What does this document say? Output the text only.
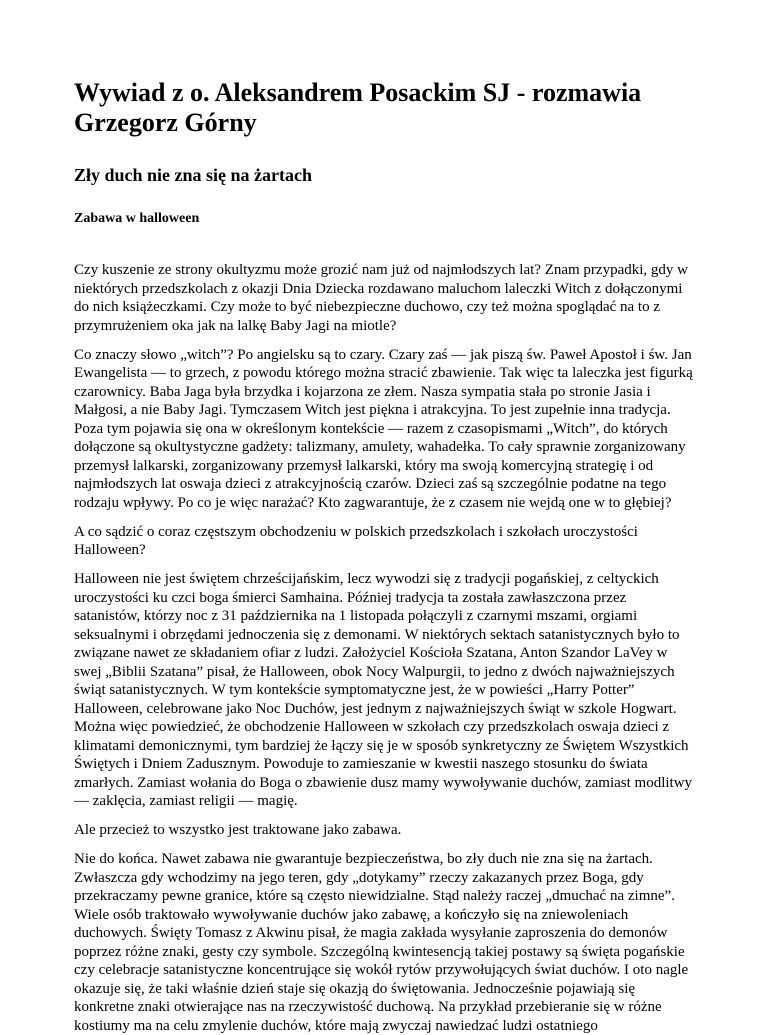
Wywiad z o. Aleksandrem Posackim SJ - rozmawia Grzegorz Górny
Zły duch nie zna się na żartach
Zabawa w halloween

Czy kuszenie ze strony okultyzmu może grozić nam już od najmłodszych lat? Znam przypadki, gdy w niektórych przedszkolach z okazji Dnia Dziecka rozdawano maluchom laleczki Witch z dołączonymi do nich książeczkami. Czy może to być niebezpieczne duchowo, czy też można spoglądać na to z przymrużeniem oka jak na lalkę Baby Jagi na miotle?

Co znaczy słowo „witch”? Po angielsku są to czary. Czary zaś — jak piszą św. Paweł Apostoł i św. Jan Ewangelista — to grzech, z powodu którego można stracić zbawienie. Tak więc ta laleczka jest figurką czarownicy. Baba Jaga była brzydka i kojarzona ze złem. Nasza sympatia stała po stronie Jasia i Małgosi, a nie Baby Jagi. Tymczasem Witch jest piękna i atrakcyjna. To jest zupełnie inna tradycja. Poza tym pojawia się ona w określonym kontekście — razem z czasopismami „Witch”, do których dołączone są okultystyczne gadżety: talizmany, amulety, wahadełka. To cały sprawnie zorganizowany przemysł lalkarski, zorganizowany przemysł lalkarski, który ma swoją komercyjną strategię i od najmłodszych lat oswaja dzieci z atrakcyjnością czarów. Dzieci zaś są szczególnie podatne na tego rodzaju wpływy. Po co je więc narażać? Kto zagwarantuje, że z czasem nie wejdą one w to głębiej?

A co sądzić o coraz częstszym obchodzeniu w polskich przedszkolach i szkołach uroczystości Halloween?

Halloween nie jest świętem chrześcijańskim, lecz wywodzi się z tradycji pogańskiej, z celtyckich uroczystości ku czci boga śmierci Samhaina. Później tradycja ta została zawłaszczona przez satanistów, którzy noc z 31 października na 1 listopada połączyli z czarnymi mszami, orgiami seksualnymi i obrzędami jednoczenia się z demonami. W niektórych sektach satanistycznych było to związane nawet ze składaniem ofiar z ludzi. Założyciel Kościoła Szatana, Anton Szandor LaVey w swej „Biblii Szatana” pisał, że Halloween, obok Nocy Walpurgii, to jedno z dwóch najważniejszych świąt satanistycznych. W tym kontekście symptomatyczne jest, że w powieści „Harry Potter” Halloween, celebrowane jako Noc Duchów, jest jednym z najważniejszych świąt w szkole Hogwart. Można więc powiedzieć, że obchodzenie Halloween w szkołach czy przedszkolach oswaja dzieci z klimatami demonicznymi, tym bardziej że łączy się je w sposób synkretyczny ze Świętem Wszystkich Świętych i Dniem Zadusznym. Powoduje to zamieszanie w kwestii naszego stosunku do świata zmarłych. Zamiast wołania do Boga o zbawienie dusz mamy wywoływanie duchów, zamiast modlitwy — zaklęcia, zamiast religii — magię.

Ale przecież to wszystko jest traktowane jako zabawa.

Nie do końca. Nawet zabawa nie gwarantuje bezpieczeństwa, bo zły duch nie zna się na żartach. Zwłaszcza gdy wchodzimy na jego teren, gdy „dotykamy” rzeczy zakazanych przez Boga, gdy przekraczamy pewne granice, które są często niewidzialne. Stąd należy raczej „dmuchać na zimne”. Wiele osób traktowało wywoływanie duchów jako zabawę, a kończyło się na zniewoleniach duchowych. Święty Tomasz z Akwinu pisał, że magia zakłada wysyłanie zaproszenia do demonów poprzez różne znaki, gesty czy symbole. Szczególną kwintesencją takiej postawy są święta pogańskie czy celebracje satanistyczne koncentrujące się wokół rytów przywołujących świat duchów. I oto nagle okazuje się, że taki właśnie dzień staje się okazją do świętowania. Jednocześnie pojawiają się konkretne znaki otwierające nas na rzeczywistość duchową. Na przykład przebieranie się w różne kostiumy ma na celu zmylenie duchów, które mają zwyczaj nawiedzać ludzi ostatniego
